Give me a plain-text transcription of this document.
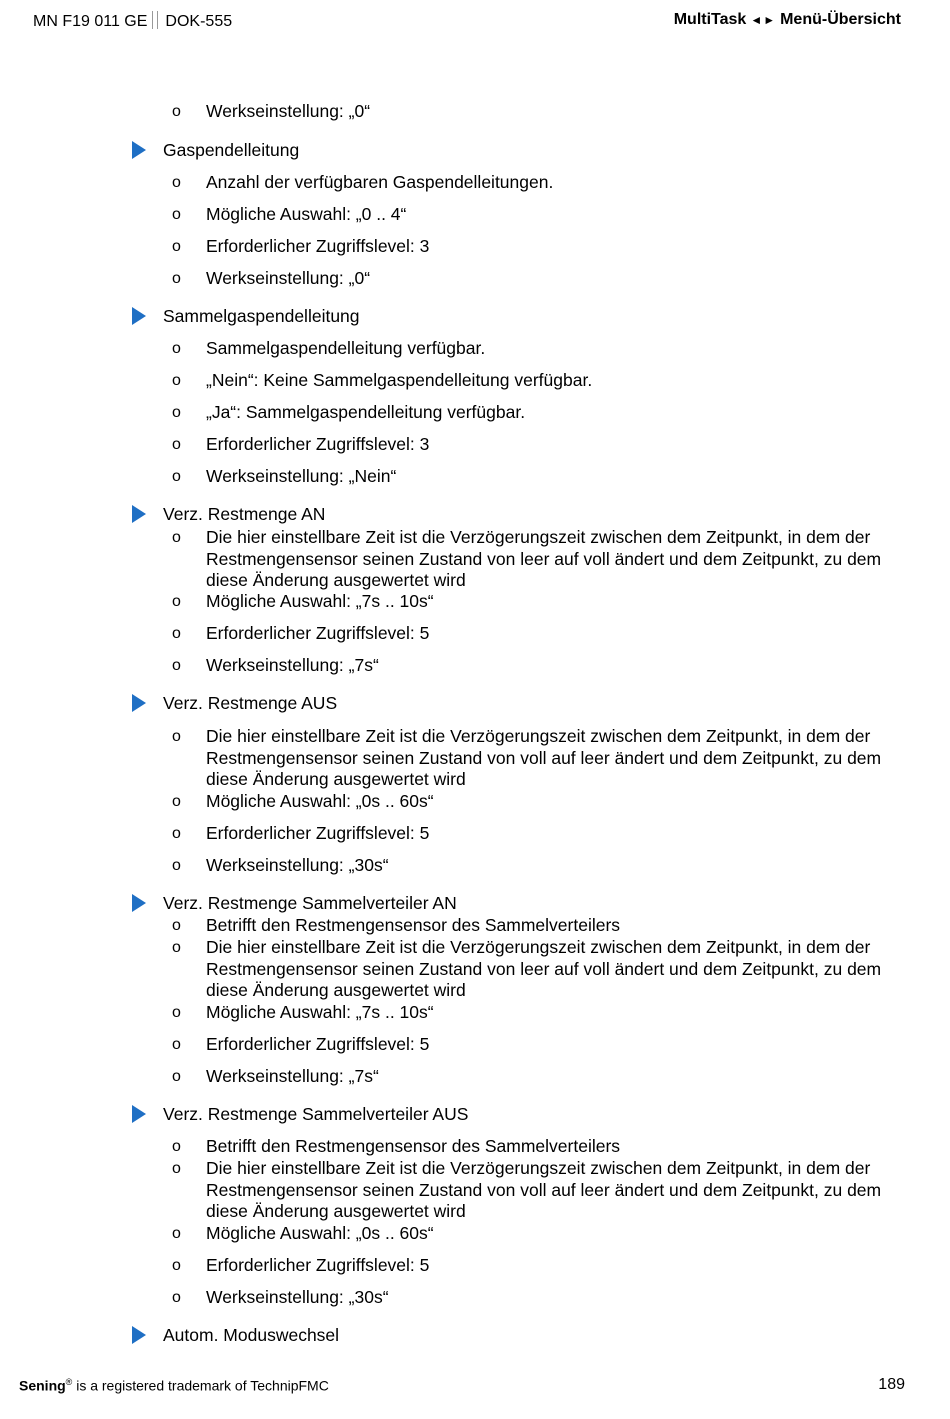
MN F19 011 GE DOK-555	MultiTask ◄► Menü-Übersicht
o Werkseinstellung: „0“
Gaspendelleitung
o Anzahl der verfügbaren Gaspendelleitungen.
o Mögliche Auswahl: „0 .. 4“
o Erforderlicher Zugriffslevel: 3
o Werkseinstellung: „0“
Sammelgaspendelleitung
o Sammelgaspendelleitung verfügbar.
o „Nein“: Keine Sammelgaspendelleitung verfügbar.
o „Ja“: Sammelgaspendelleitung verfügbar.
o Erforderlicher Zugriffslevel: 3
o Werkseinstellung: „Nein“
Verz. Restmenge AN
o Die hier einstellbare Zeit ist die Verzögerungszeit zwischen dem Zeitpunkt, in dem der Restmengensensor seinen Zustand von leer auf voll ändert und dem Zeitpunkt, zu dem diese Änderung ausgewertet wird
o Mögliche Auswahl: „7s .. 10s“
o Erforderlicher Zugriffslevel: 5
o Werkseinstellung: „7s“
Verz. Restmenge AUS
o Die hier einstellbare Zeit ist die Verzögerungszeit zwischen dem Zeitpunkt, in dem der Restmengensensor seinen Zustand von voll auf leer ändert und dem Zeitpunkt, zu dem diese Änderung ausgewertet wird
o Mögliche Auswahl: „0s .. 60s“
o Erforderlicher Zugriffslevel: 5
o Werkseinstellung: „30s“
Verz. Restmenge Sammelverteiler AN
o Betrifft den Restmengensensor des Sammelverteilers
o Die hier einstellbare Zeit ist die Verzögerungszeit zwischen dem Zeitpunkt, in dem der Restmengensensor seinen Zustand von leer auf voll ändert und dem Zeitpunkt, zu dem diese Änderung ausgewertet wird
o Mögliche Auswahl: „7s .. 10s“
o Erforderlicher Zugriffslevel: 5
o Werkseinstellung: „7s“
Verz. Restmenge Sammelverteiler AUS
o Betrifft den Restmengensensor des Sammelverteilers
o Die hier einstellbare Zeit ist die Verzögerungszeit zwischen dem Zeitpunkt, in dem der Restmengensensor seinen Zustand von voll auf leer ändert und dem Zeitpunkt, zu dem diese Änderung ausgewertet wird
o Mögliche Auswahl: „0s .. 60s“
o Erforderlicher Zugriffslevel: 5
o Werkseinstellung: „30s“
Autom. Moduswechsel
Sening® is a registered trademark of TechnipFMC	189
